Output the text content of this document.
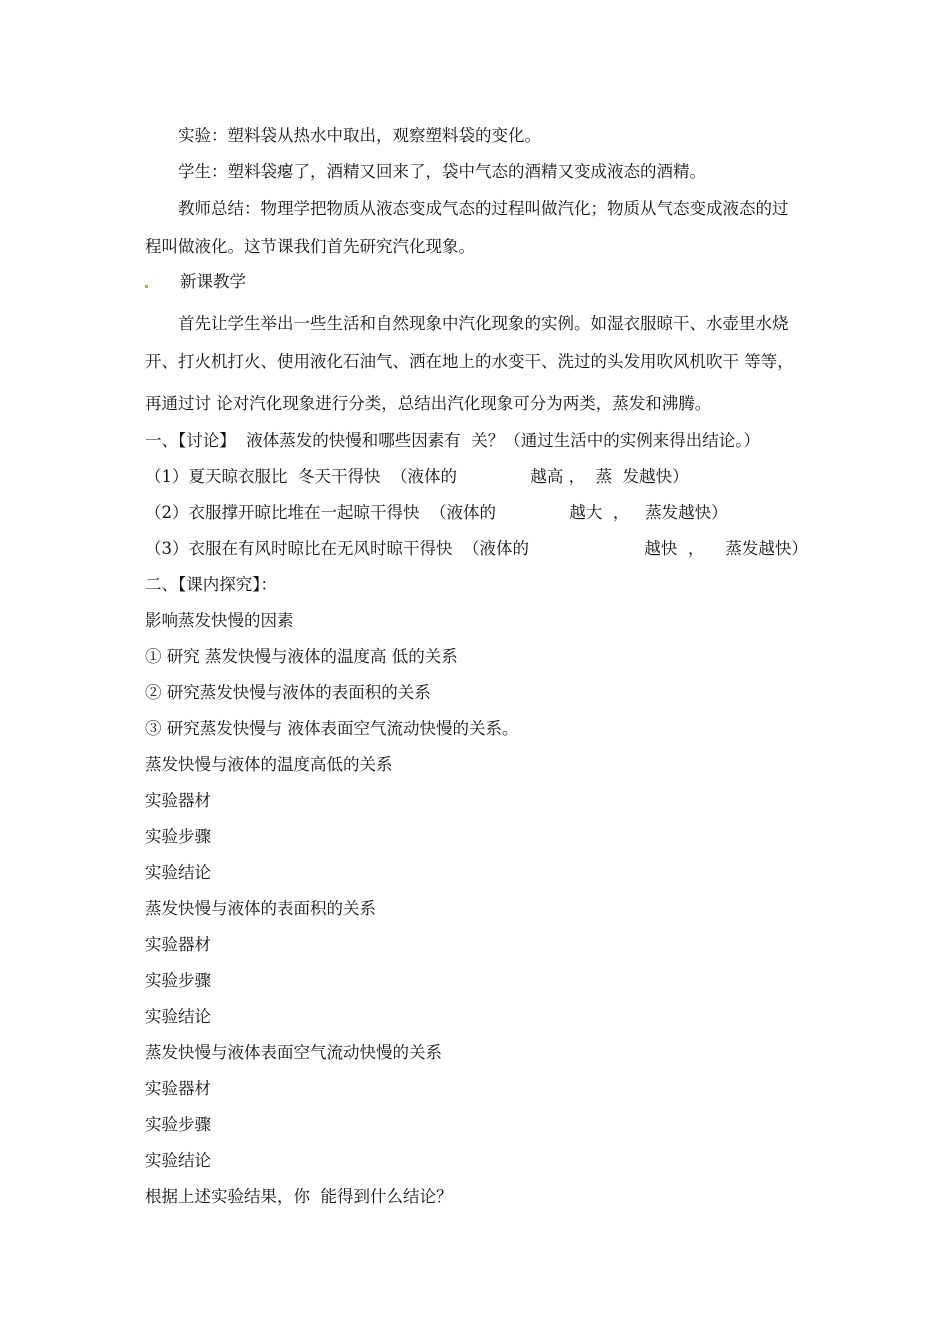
实验：塑料袋从热水中取出，观察塑料袋的变化。
学生：塑料袋瘪了，酒精又回来了，袋中气态的酒精又变成液态的酒精。
教师总结：物理学把物质从液态变成气态的过程叫做汽化；物质从气态变成液态的过
程叫做液化。这节课我们首先研究汽化现象。
新课教学
首先让学生举出一些生活和自然现象中汽化现象的实例。如湿衣服晾干、水壶里水烧
开、打火机打火、使用液化石油气、洒在地上的水变干、洗过的头发用吹风机吹干 等等，
再通过讨 论对汽化现象进行分类，总结出汽化现象可分为两类，蒸发和沸腾。
一、【讨论】  液体蒸发的快慢和哪些因素有  关？（通过生活中的实例来得出结论。）
（1）夏天晾衣服比  冬天干得快  （液体的              越高 ，  蒸  发越快）
（2）衣服撑开晾比堆在一起晾干得快  （液体的              越大  ，   蒸发越快）
（3）衣服在有风时晾比在无风时晾干得快  （液体的                      越快  ，    蒸发越快）
二、【课内探究】：
影响蒸发快慢的因素
① 研究 蒸发快慢与液体的温度高 低的关系
② 研究蒸发快慢与液体的表面积的关系
③ 研究蒸发快慢与 液体表面空气流动快慢的关系。
蒸发快慢与液体的温度高低的关系
实验器材
实验步骤
实验结论
蒸发快慢与液体的表面积的关系
实验器材
实验步骤
实验结论
蒸发快慢与液体表面空气流动快慢的关系
实验器材
实验步骤
实验结论
根据上述实验结果，你  能得到什么结论？
